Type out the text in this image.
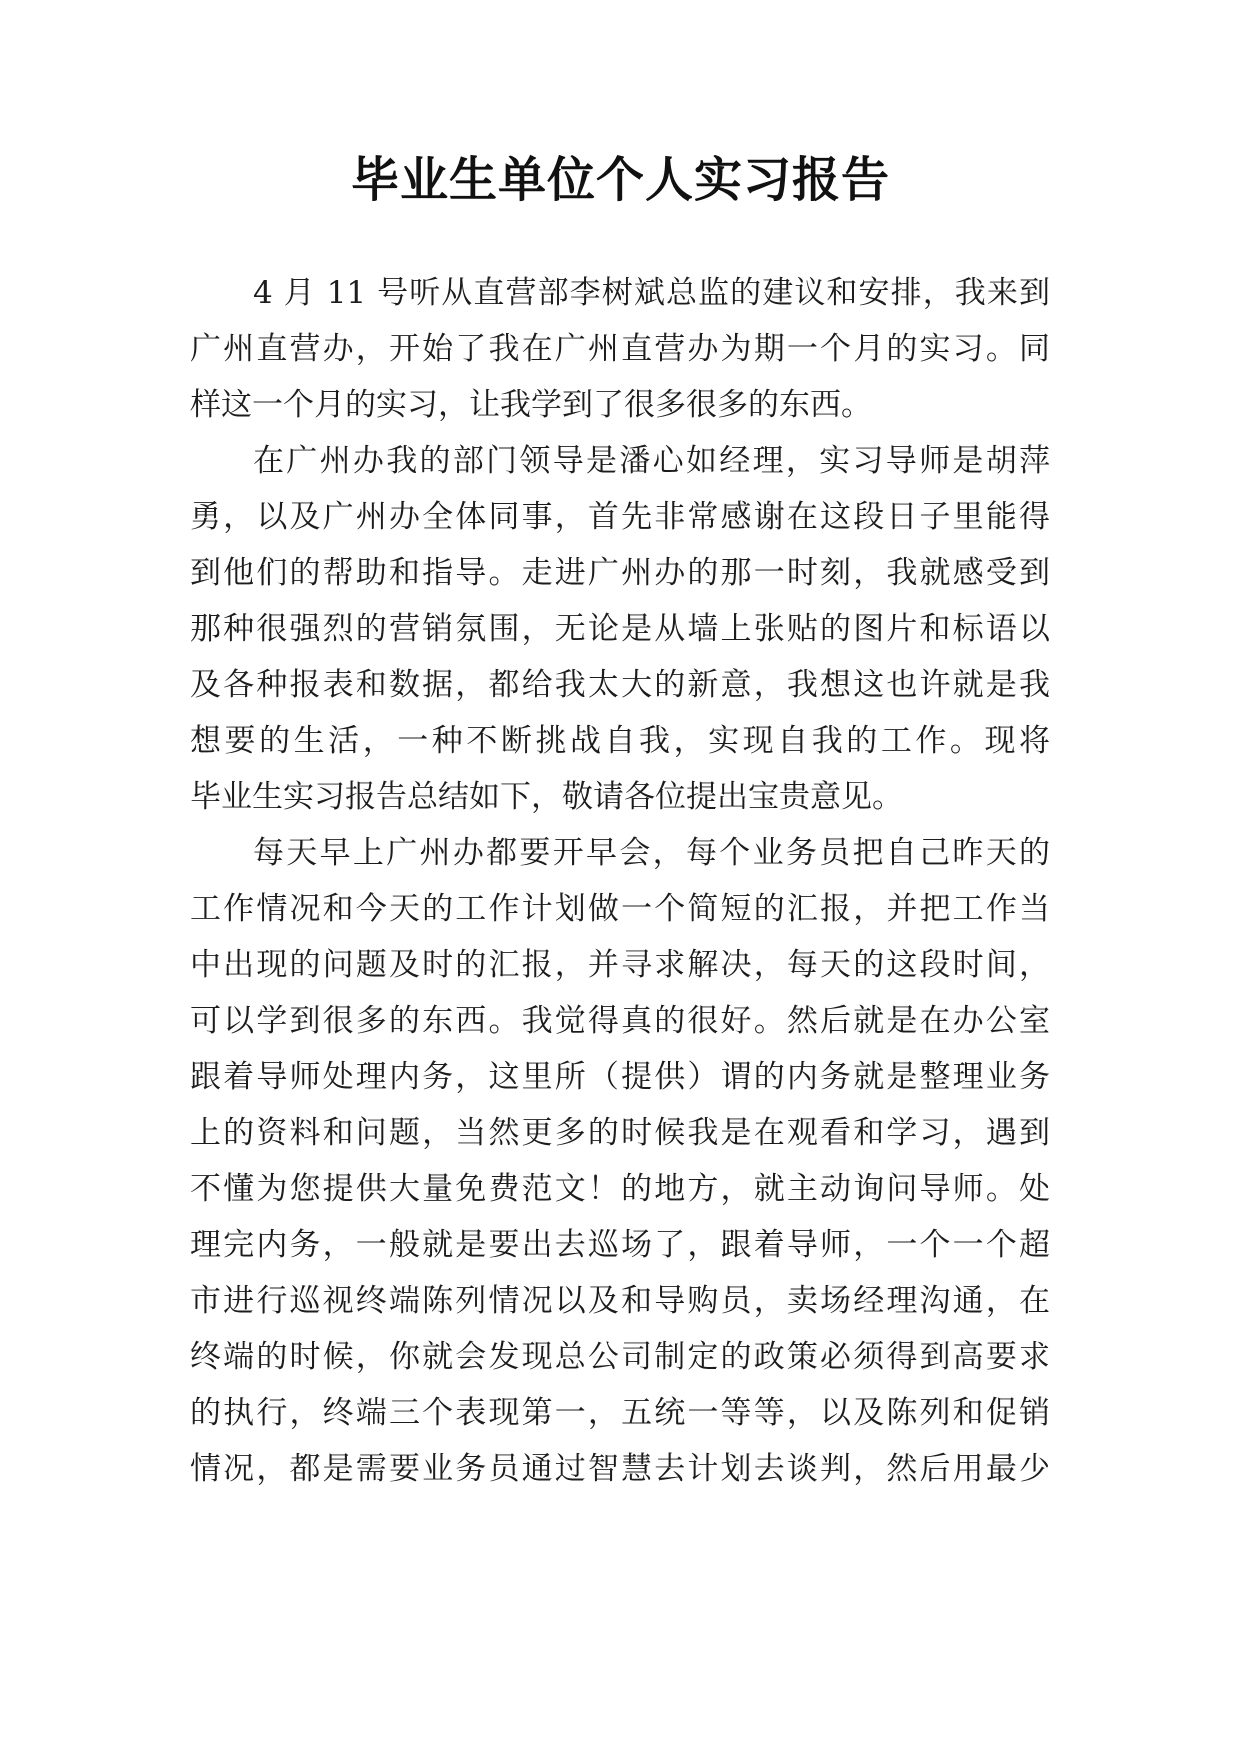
毕业生单位个人实习报告
4 月 11 号听从直营部李树斌总监的建议和安排，我来到
广州直营办，开始了我在广州直营办为期一个月的实习。同
样这一个月的实习，让我学到了很多很多的东西。
在广州办我的部门领导是潘心如经理，实习导师是胡萍
勇，以及广州办全体同事，首先非常感谢在这段日子里能得
到他们的帮助和指导。走进广州办的那一时刻，我就感受到
那种很强烈的营销氛围，无论是从墙上张贴的图片和标语以
及各种报表和数据，都给我太大的新意，我想这也许就是我
想要的生活，一种不断挑战自我，实现自我的工作。现将
毕业生实习报告总结如下，敬请各位提出宝贵意见。
每天早上广州办都要开早会，每个业务员把自己昨天的
工作情况和今天的工作计划做一个简短的汇报，并把工作当
中出现的问题及时的汇报，并寻求解决，每天的这段时间，
可以学到很多的东西。我觉得真的很好。然后就是在办公室
跟着导师处理内务，这里所（提供）谓的内务就是整理业务
上的资料和问题，当然更多的时候我是在观看和学习，遇到
不懂为您提供大量免费范文！的地方，就主动询问导师。处
理完内务，一般就是要出去巡场了，跟着导师，一个一个超
市进行巡视终端陈列情况以及和导购员，卖场经理沟通，在
终端的时候，你就会发现总公司制定的政策必须得到高要求
的执行，终端三个表现第一，五统一等等，以及陈列和促销
情况，都是需要业务员通过智慧去计划去谈判，然后用最少
